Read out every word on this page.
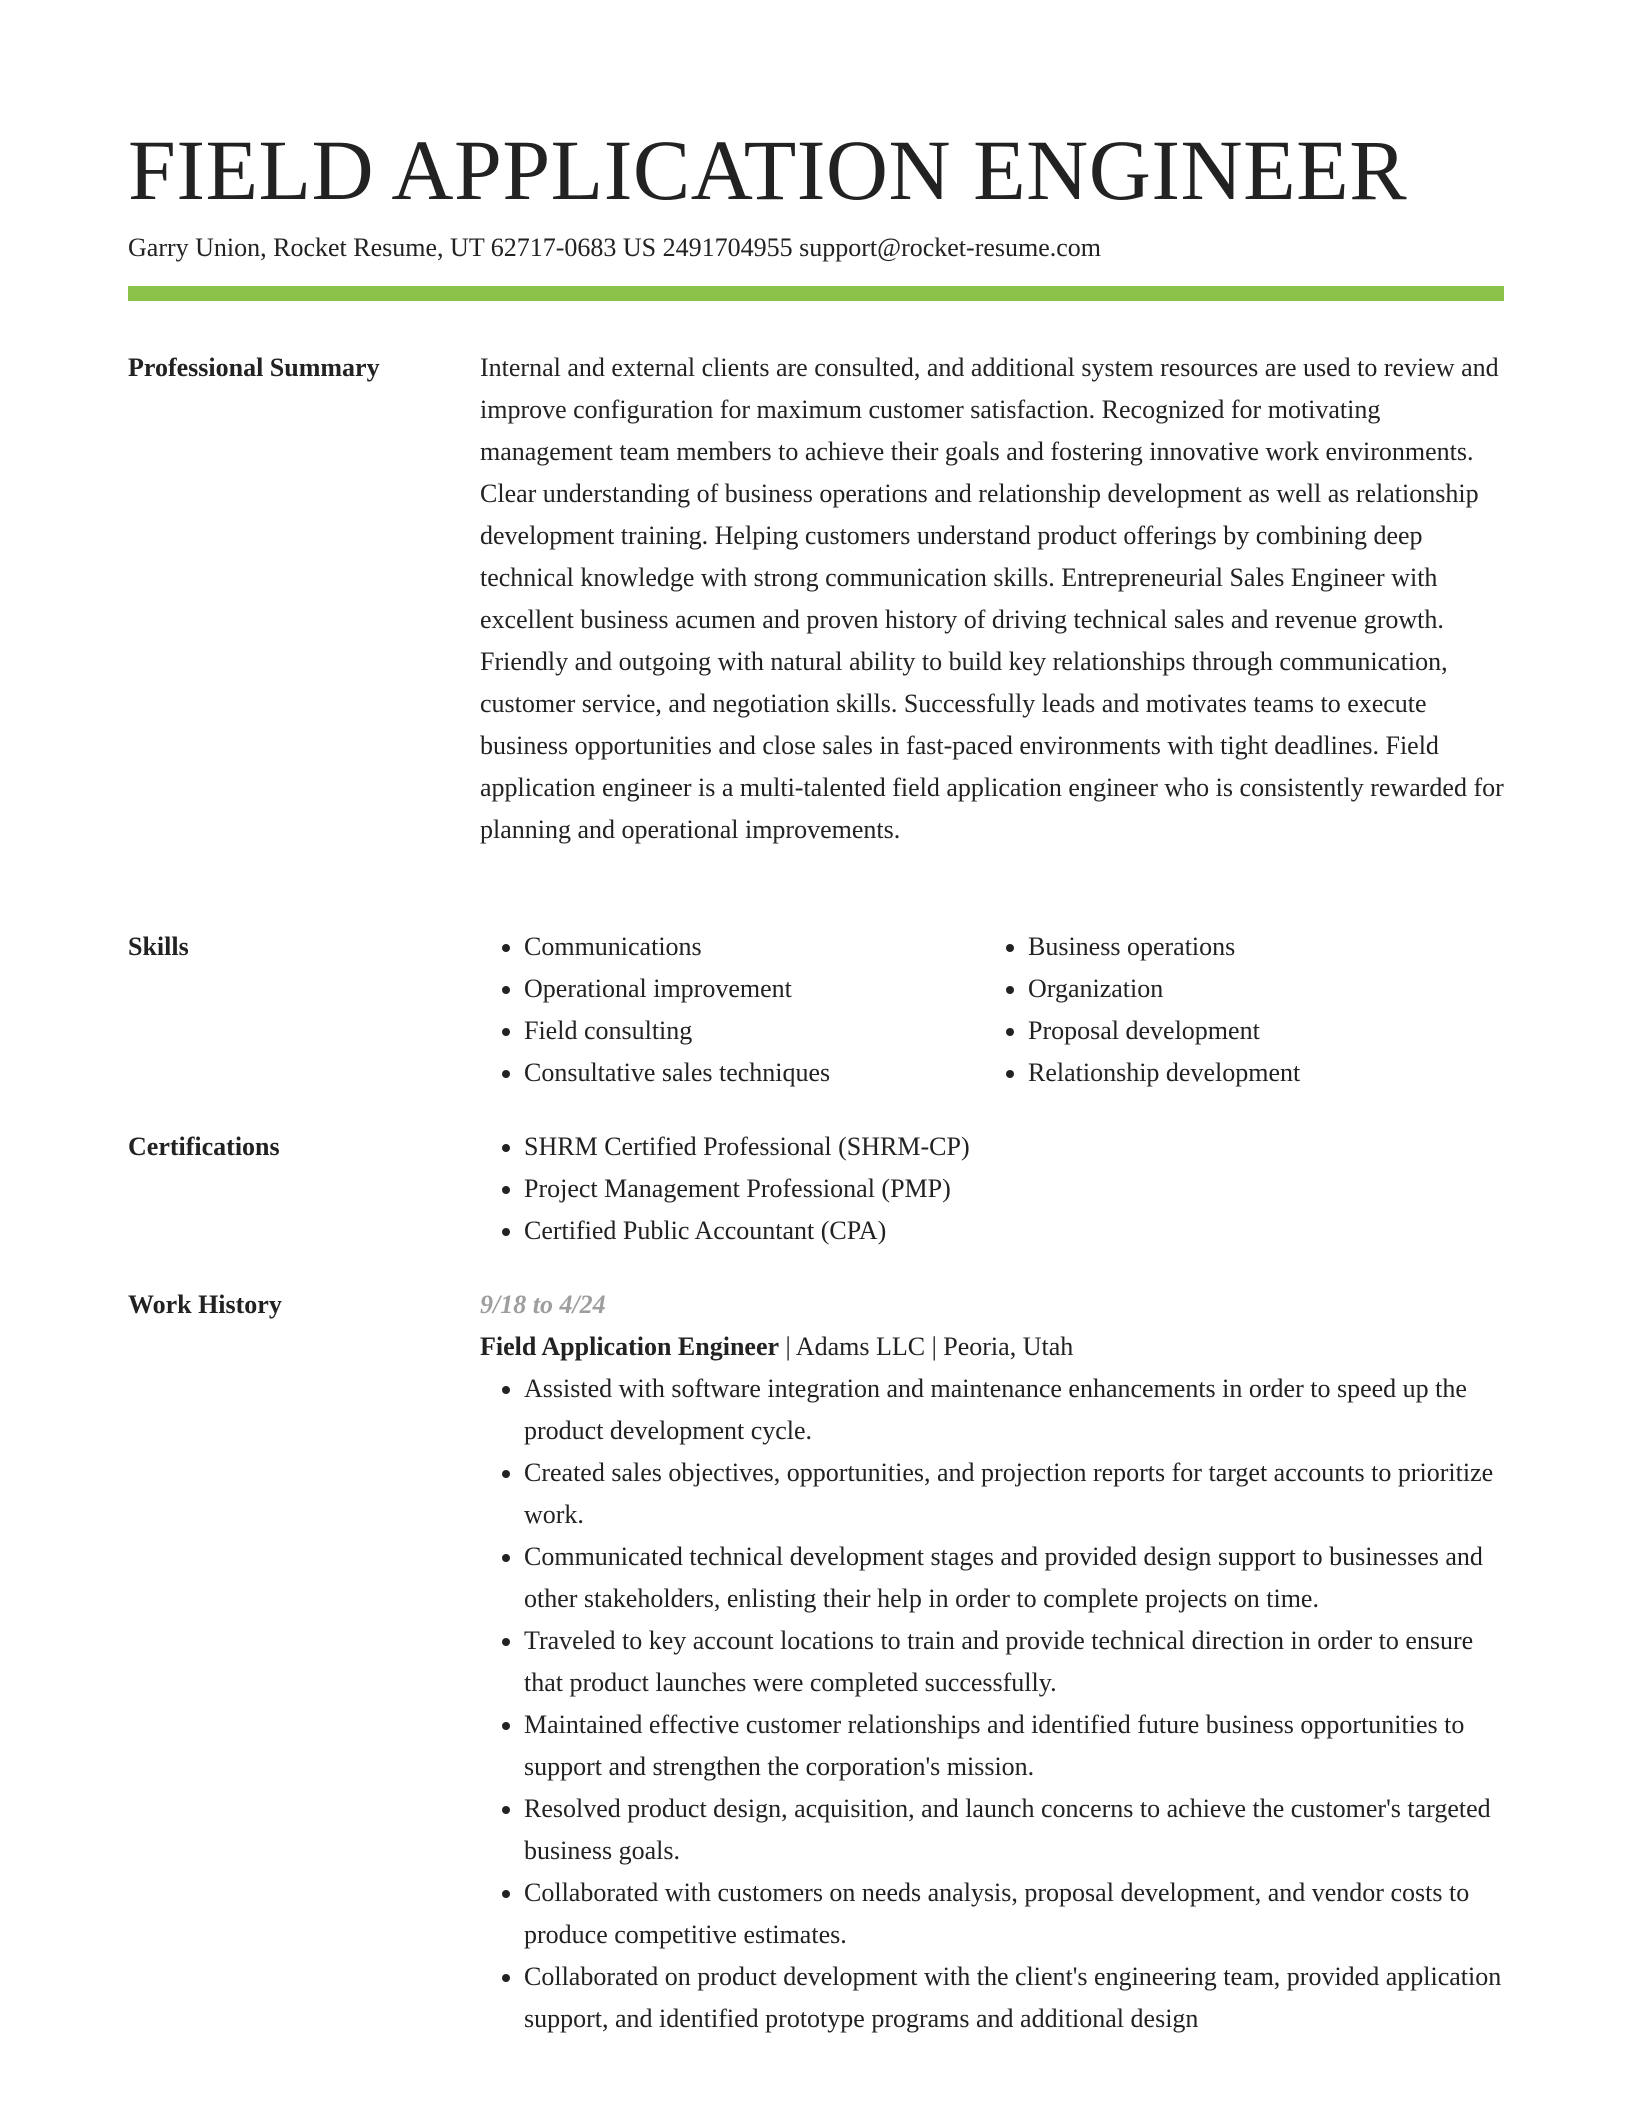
FIELD APPLICATION ENGINEER
Garry Union, Rocket Resume, UT 62717-0683 US 2491704955 support@rocket-resume.com
Professional Summary	Internal and external clients are consulted, and additional system resources are used to review and improve configuration for maximum customer satisfaction. Recognized for motivating management team members to achieve their goals and fostering innovative work environments. Clear understanding of business operations and relationship development as well as relationship development training. Helping customers understand product offerings by combining deep technical knowledge with strong communication skills. Entrepreneurial Sales Engineer with excellent business acumen and proven history of driving technical sales and revenue growth. Friendly and outgoing with natural ability to build key relationships through communication, customer service, and negotiation skills. Successfully leads and motivates teams to execute business opportunities and close sales in fast-paced environments with tight deadlines. Field application engineer is a multi-talented field application engineer who is consistently rewarded for planning and operational improvements.

Skills	• Communications
• Operational improvement
• Field consulting
• Consultative sales techniques
• Business operations
• Organization
• Proposal development
• Relationship development
Certifications	• SHRM Certified Professional (SHRM-CP)
• Project Management Professional (PMP)
• Certified Public Accountant (CPA)
Work History	9/18 to 4/24
Field Application Engineer | Adams LLC | Peoria, Utah
• Assisted with software integration and maintenance enhancements in order to speed up the product development cycle.
• Created sales objectives, opportunities, and projection reports for target accounts to prioritize work.
• Communicated technical development stages and provided design support to businesses and other stakeholders, enlisting their help in order to complete projects on time.
• Traveled to key account locations to train and provide technical direction in order to ensure that product launches were completed successfully.
• Maintained effective customer relationships and identified future business opportunities to support and strengthen the corporation's mission.
• Resolved product design, acquisition, and launch concerns to achieve the customer's targeted business goals.
• Collaborated with customers on needs analysis, proposal development, and vendor costs to produce competitive estimates.
• Collaborated on product development with the client's engineering team, provided application support, and identified prototype programs and additional design
